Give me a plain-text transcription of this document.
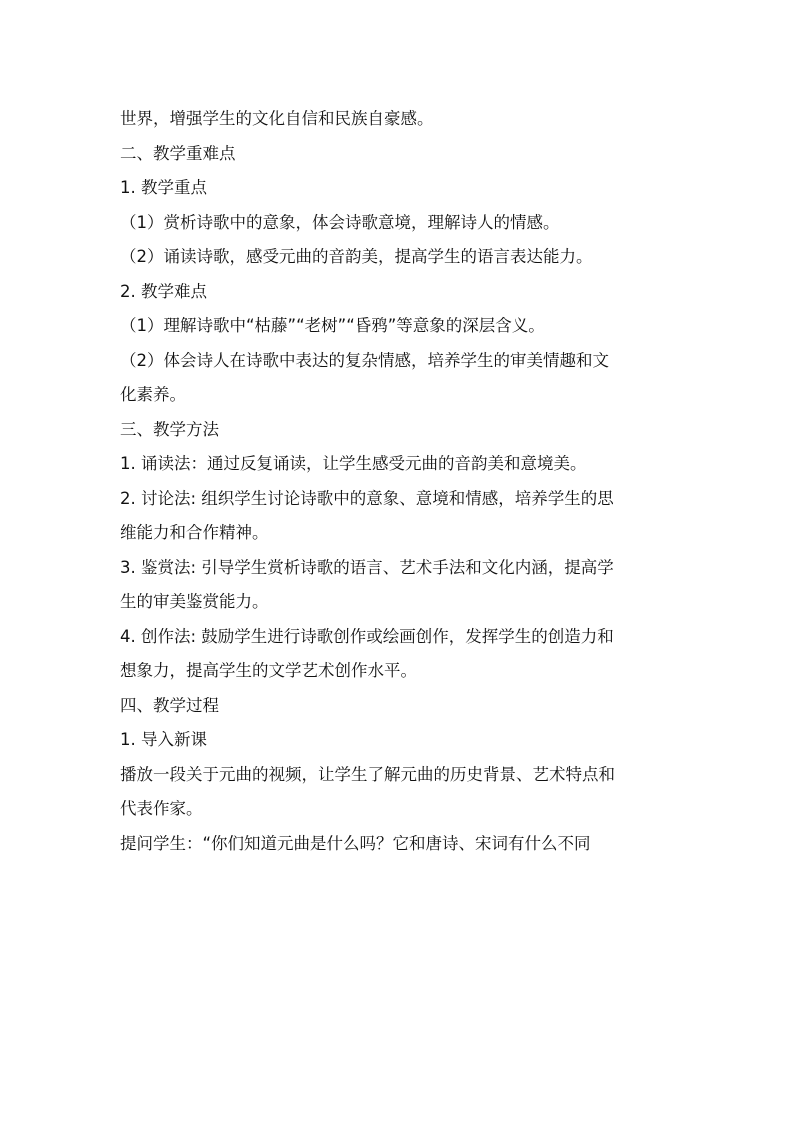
世界，增强学生的文化自信和民族自豪感。
二、教学重难点
1. 教学重点
（1）赏析诗歌中的意象，体会诗歌意境，理解诗人的情感。
（2）诵读诗歌，感受元曲的音韵美，提高学生的语言表达能力。
2. 教学难点
（1）理解诗歌中“枯藤”“老树”“昏鸦”等意象的深层含义。
（2）体会诗人在诗歌中表达的复杂情感，培养学生的审美情趣和文
化素养。
三、教学方法
1. 诵读法：通过反复诵读，让学生感受元曲的音韵美和意境美。
2. 讨论法: 组织学生讨论诗歌中的意象、意境和情感，培养学生的思
维能力和合作精神。
3. 鉴赏法: 引导学生赏析诗歌的语言、艺术手法和文化内涵，提高学
生的审美鉴赏能力。
4. 创作法: 鼓励学生进行诗歌创作或绘画创作，发挥学生的创造力和
想象力，提高学生的文学艺术创作水平。
四、教学过程
1. 导入新课
播放一段关于元曲的视频，让学生了解元曲的历史背景、艺术特点和
代表作家。
提问学生：“你们知道元曲是什么吗？它和唐诗、宋词有什么不同
